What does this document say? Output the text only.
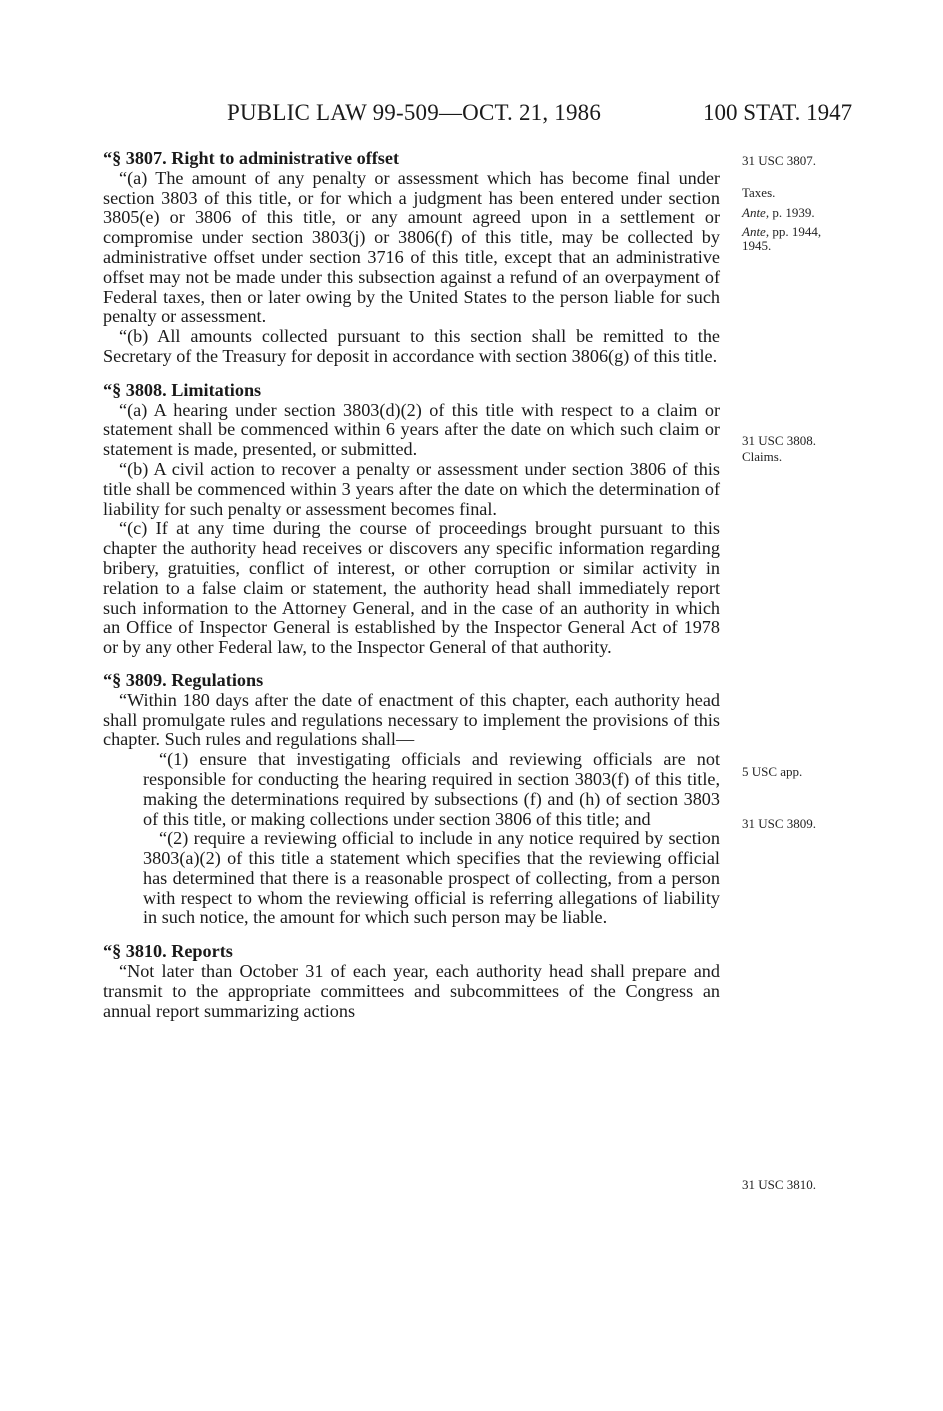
PUBLIC LAW 99-509—OCT. 21, 1986	100 STAT. 1947

“§ 3807. Right to administrative offset

“(a) The amount of any penalty or assessment which has become final under section 3803 of this title, or for which a judgment has been entered under section 3805(e) or 3806 of this title, or any amount agreed upon in a settlement or compromise under section 3803(j) or 3806(f) of this title, may be collected by administrative offset under section 3716 of this title, except that an administrative offset may not be made under this subsection against a refund of an overpayment of Federal taxes, then or later owing by the United States to the person liable for such penalty or assessment.

“(b) All amounts collected pursuant to this section shall be remitted to the Secretary of the Treasury for deposit in accordance with section 3806(g) of this title.

“§ 3808. Limitations

“(a) A hearing under section 3803(d)(2) of this title with respect to a claim or statement shall be commenced within 6 years after the date on which such claim or statement is made, presented, or submitted.

“(b) A civil action to recover a penalty or assessment under section 3806 of this title shall be commenced within 3 years after the date on which the determination of liability for such penalty or assessment becomes final.

“(c) If at any time during the course of proceedings brought pursuant to this chapter the authority head receives or discovers any specific information regarding bribery, gratuities, conflict of interest, or other corruption or similar activity in relation to a false claim or statement, the authority head shall immediately report such information to the Attorney General, and in the case of an authority in which an Office of Inspector General is established by the Inspector General Act of 1978 or by any other Federal law, to the Inspector General of that authority.

“§ 3809. Regulations

“Within 180 days after the date of enactment of this chapter, each authority head shall promulgate rules and regulations necessary to implement the provisions of this chapter. Such rules and regulations shall—

“(1) ensure that investigating officials and reviewing officials are not responsible for conducting the hearing required in section 3803(f) of this title, making the determinations required by subsections (f) and (h) of section 3803 of this title, or making collections under section 3806 of this title; and

“(2) require a reviewing official to include in any notice required by section 3803(a)(2) of this title a statement which specifies that the reviewing official has determined that there is a reasonable prospect of collecting, from a person with respect to whom the reviewing official is referring allegations of liability in such notice, the amount for which such person may be liable.

“§ 3810. Reports

“Not later than October 31 of each year, each authority head shall prepare and transmit to the appropriate committees and subcommittees of the Congress an annual report summarizing actions

31 USC 3807.
Taxes.
Ante, p. 1939.
Ante, pp. 1944,
1945.
31 USC 3808.
Claims.
5 USC app.
31 USC 3809.
31 USC 3810.
